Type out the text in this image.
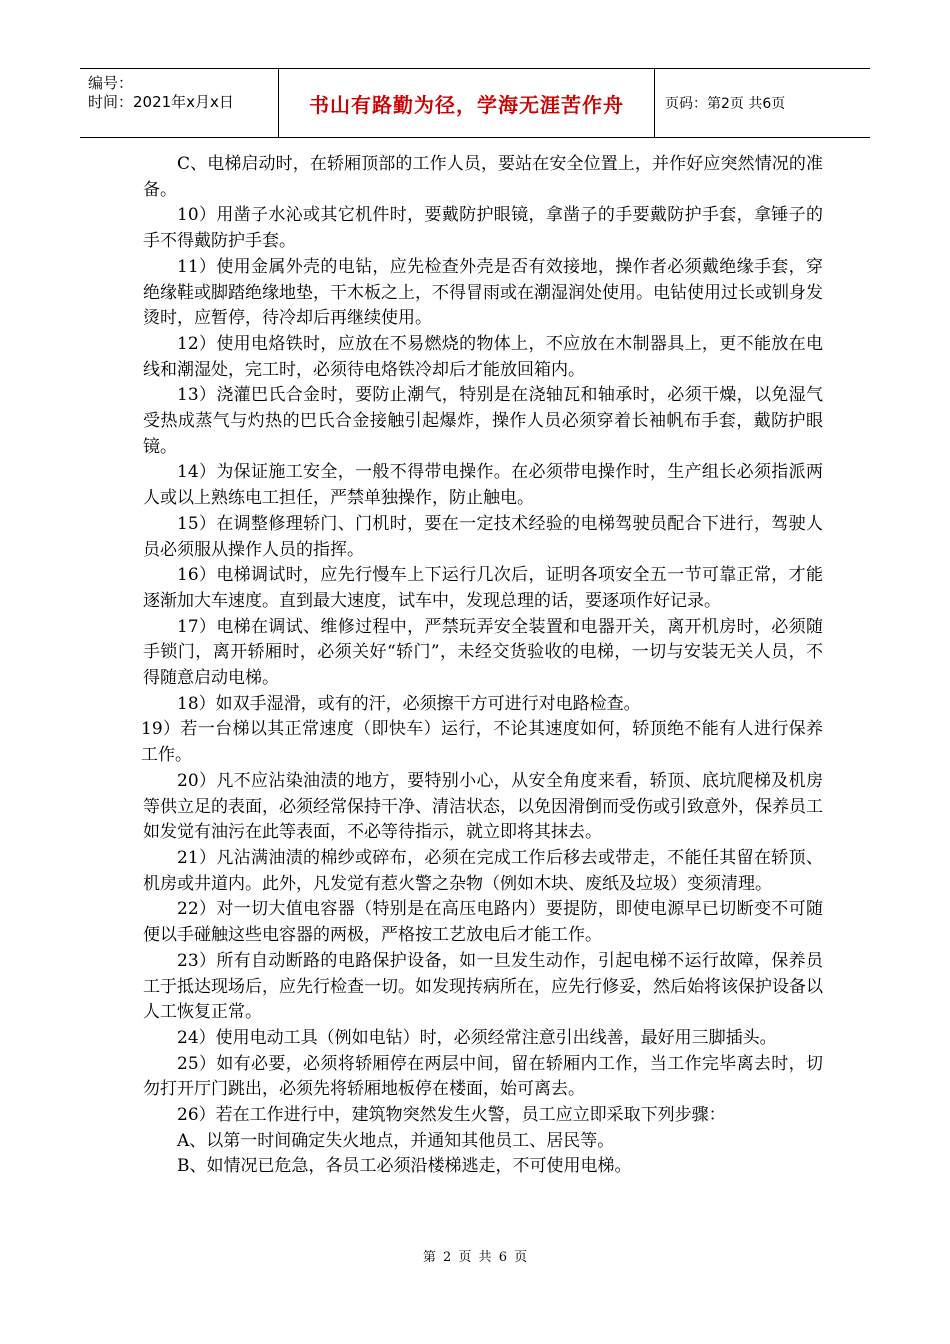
编号：
时间：2021年x月x日	书山有路勤为径，学海无涯苦作舟	页码：第2页 共6页

C、电梯启动时，在轿厢顶部的工作人员，要站在安全位置上，并作好应突然情况的准备。

10）用凿子水沁或其它机件时，要戴防护眼镜，拿凿子的手要戴防护手套，拿锤子的手不得戴防护手套。

11）使用金属外壳的电钻，应先检查外壳是否有效接地，操作者必须戴绝缘手套，穿绝缘鞋或脚踏绝缘地垫，干木板之上，不得冒雨或在潮湿润处使用。电钻使用过长或钏身发烫时，应暂停，待冷却后再继续使用。

12）使用电烙铁时，应放在不易燃烧的物体上，不应放在木制器具上，更不能放在电线和潮湿处，完工时，必须待电烙铁冷却后才能放回箱内。

13）浇灌巴氏合金时，要防止潮气，特别是在浇轴瓦和轴承时，必须干燥，以免湿气受热成蒸气与灼热的巴氏合金接触引起爆炸，操作人员必须穿着长袖帆布手套，戴防护眼镜。

14）为保证施工安全，一般不得带电操作。在必须带电操作时，生产组长必须指派两人或以上熟练电工担任，严禁单独操作，防止触电。

15）在调整修理轿门、门机时，要在一定技术经验的电梯驾驶员配合下进行，驾驶人员必须服从操作人员的指挥。

16）电梯调试时，应先行慢车上下运行几次后，证明各项安全五一节可靠正常，才能逐渐加大车速度。直到最大速度，试车中，发现总理的话，要逐项作好记录。

17）电梯在调试、维修过程中，严禁玩弄安全装置和电器开关，离开机房时，必须随手锁门，离开轿厢时，必须关好“轿门”，未经交货验收的电梯，一切与安装无关人员，不得随意启动电梯。

18）如双手湿滑，或有的汗，必须擦干方可进行对电路检查。

19）若一台梯以其正常速度（即快车）运行，不论其速度如何，轿顶绝不能有人进行保养工作。

20）凡不应沾染油渍的地方，要特别小心，从安全角度来看，轿顶、底坑爬梯及机房等供立足的表面，必须经常保持干净、清洁状态，以免因滑倒而受伤或引致意外，保养员工如发觉有油污在此等表面，不必等待指示，就立即将其抹去。

21）凡沾满油渍的棉纱或碎布，必须在完成工作后移去或带走，不能任其留在轿顶、机房或井道内。此外，凡发觉有惹火警之杂物（例如木块、废纸及垃圾）变须清理。

22）对一切大值电容器（特别是在高压电路内）要提防，即使电源早已切断变不可随便以手碰触这些电容器的两极，严格按工艺放电后才能工作。

23）所有自动断路的电路保护设备，如一旦发生动作，引起电梯不运行故障，保养员工于抵达现场后，应先行检查一切。如发现抟病所在，应先行修妥，然后始将该保护设备以人工恢复正常。

24）使用电动工具（例如电钻）时，必须经常注意引出线善，最好用三脚插头。

25）如有必要，必须将轿厢停在两层中间，留在轿厢内工作，当工作完毕离去时，切勿打开厅门跳出，必须先将轿厢地板停在楼面，始可离去。

26）若在工作进行中，建筑物突然发生火警，员工应立即采取下列步骤：

A、以第一时间确定失火地点，并通知其他员工、居民等。

B、如情况已危急，各员工必须沿楼梯逃走，不可使用电梯。

第 2 页 共 6 页
